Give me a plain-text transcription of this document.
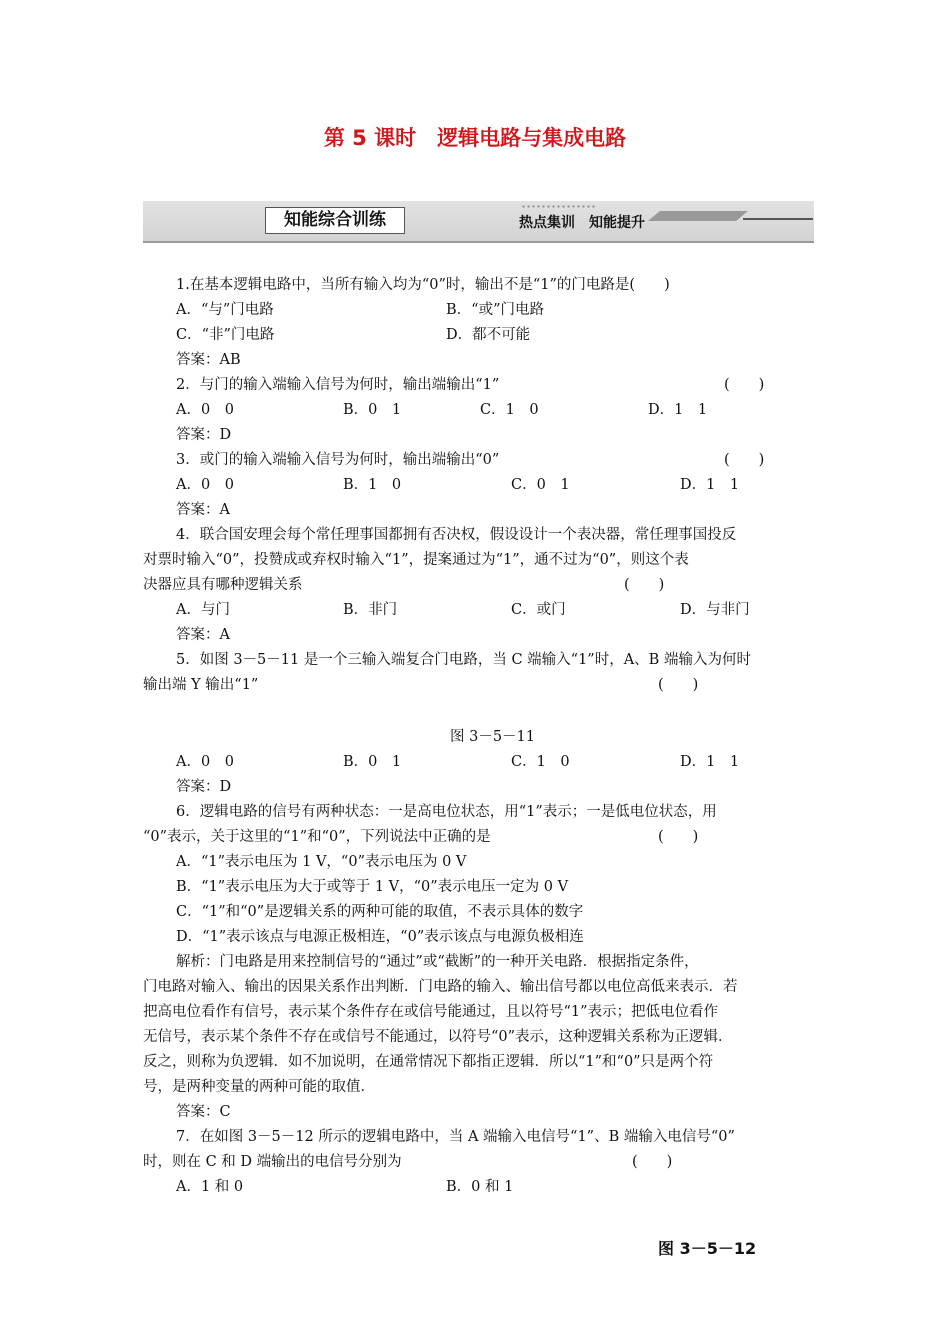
第 5 课时　逻辑电路与集成电路
知能综合训练	热点集训　知能提升
1.在基本逻辑电路中，当所有输入均为“0”时，输出不是“1”的门电路是(　　)
A．“与”门电路	B．“或”门电路
C．“非”门电路	D．都不可能
答案：AB
2．与门的输入端输入信号为何时，输出端输出“1”	(　　)
A．0　0	B．0　1	C．1　0	D．1　1
答案：D
3．或门的输入端输入信号为何时，输出端输出“0”	(　　)
A．0　0	B．1　0	C．0　1	D．1　1
答案：A
4．联合国安理会每个常任理事国都拥有否决权，假设设计一个表决器，常任理事国投反
对票时输入“0”，投赞成或弃权时输入“1”，提案通过为“1”，通不过为“0”，则这个表
决器应具有哪种逻辑关系	(　　)
A．与门	B．非门	C．或门	D．与非门
答案：A
5．如图 3－5－11 是一个三输入端复合门电路，当 C 端输入“1”时，A、B 端输入为何时
输出端 Y 输出“1”	(　　)
图 3－5－11
A．0　0	B．0　1	C．1　0	D．1　1
答案：D
6．逻辑电路的信号有两种状态：一是高电位状态，用“1”表示；一是低电位状态，用
“0”表示，关于这里的“1”和“0”，下列说法中正确的是	(　　)
A．“1”表示电压为 1 V，“0”表示电压为 0 V
B．“1”表示电压为大于或等于 1 V，“0”表示电压一定为 0 V
C．“1”和“0”是逻辑关系的两种可能的取值，不表示具体的数字
D．“1”表示该点与电源正极相连，“0”表示该点与电源负极相连
解析：门电路是用来控制信号的“通过”或“截断”的一种开关电路．根据指定条件，
门电路对输入、输出的因果关系作出判断．门电路的输入、输出信号都以电位高低来表示．若
把高电位看作有信号，表示某个条件存在或信号能通过，且以符号“1”表示；把低电位看作
无信号，表示某个条件不存在或信号不能通过，以符号“0”表示，这种逻辑关系称为正逻辑．
反之，则称为负逻辑．如不加说明，在通常情况下都指正逻辑．所以“1”和“0”只是两个符
号，是两种变量的两种可能的取值．
答案：C
7．在如图 3－5－12 所示的逻辑电路中，当 A 端输入电信号“1”、B 端输入电信号“0”
时，则在 C 和 D 端输出的电信号分别为	(　　)
A．1 和 0	B．0 和 1
图 3－5－12
